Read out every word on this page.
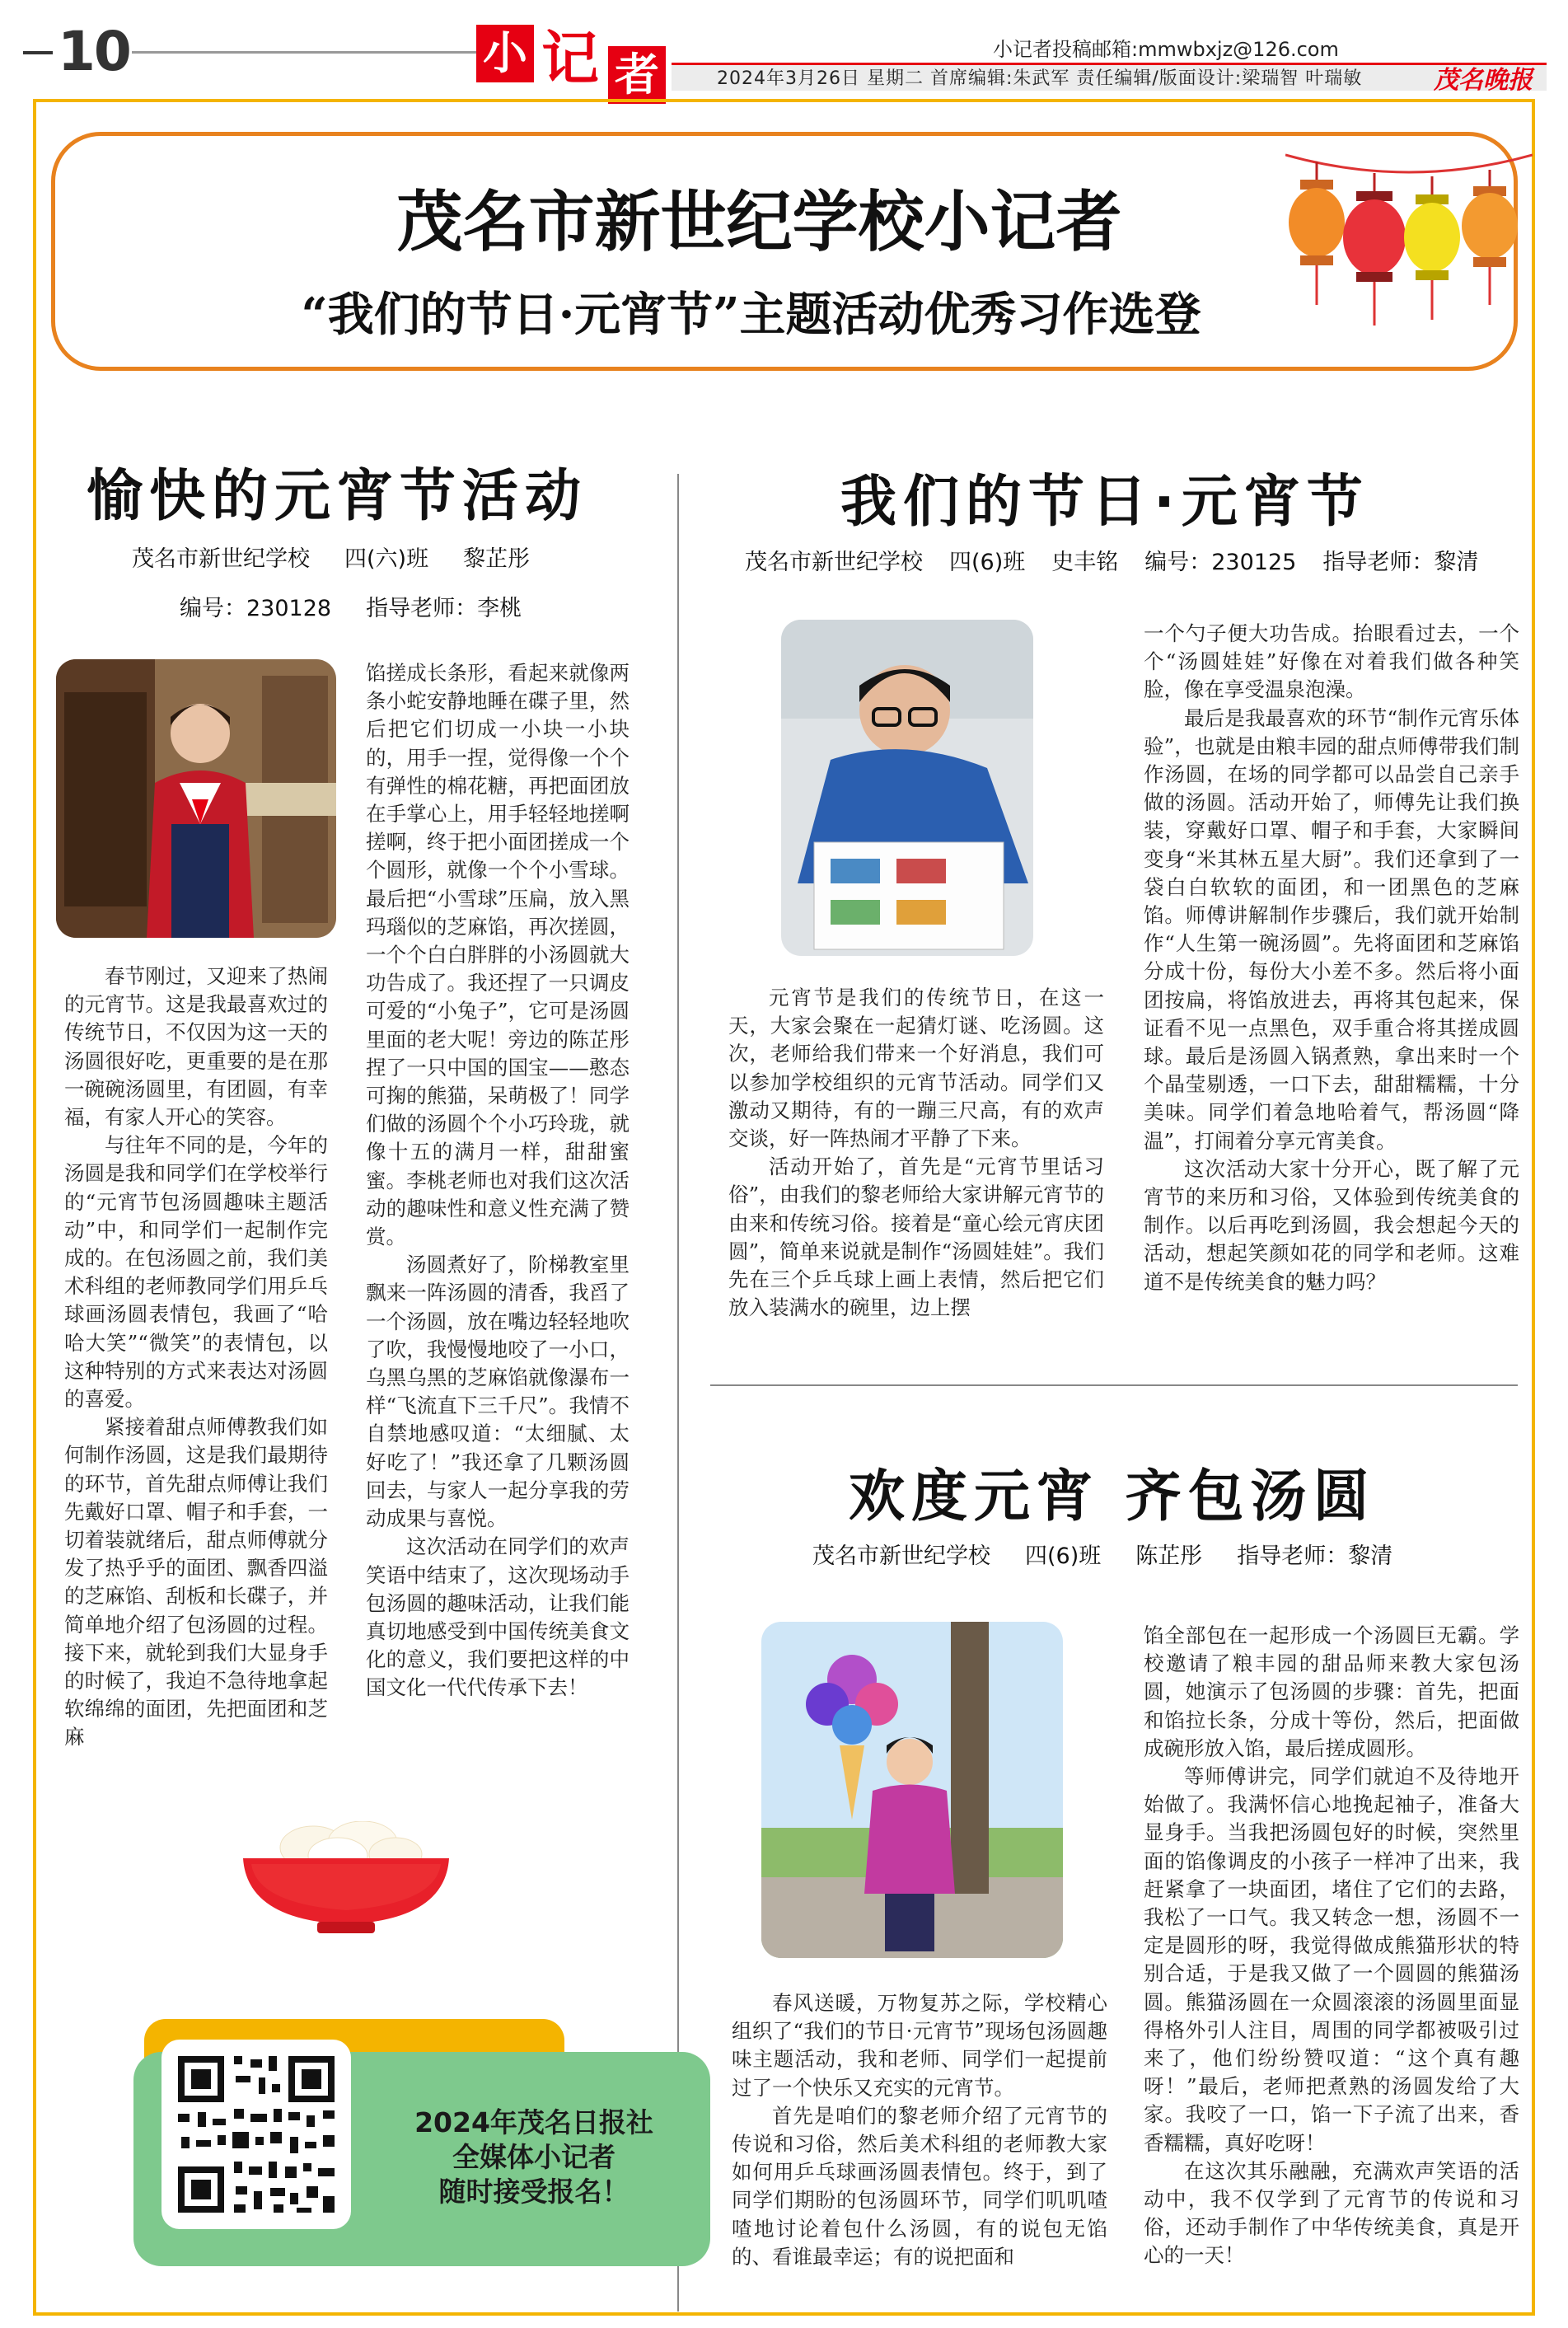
10	小 记 者	小记者投稿邮箱:mmwbxjz@126.com
2024年3月26日 星期二 首席编辑:朱武军 责任编辑/版面设计:梁瑞智 叶瑞敏	茂名晚报
茂名市新世纪学校小记者
“我们的节日·元宵节”主题活动优秀习作选登
愉快的元宵节活动
茂名市新世纪学校 四(六)班 黎芷彤
编号：230128 指导老师：李桃

春节刚过，又迎来了热闹的元宵节。这是我最喜欢过的传统节日，不仅因为这一天的汤圆很好吃，更重要的是在那一碗碗汤圆里，有团圆，有幸福，有家人开心的笑容。

与往年不同的是，今年的汤圆是我和同学们在学校举行的“元宵节包汤圆趣味主题活动”中，和同学们一起制作完成的。在包汤圆之前，我们美术科组的老师教同学们用乒乓球画汤圆表情包，我画了“哈哈大笑”“微笑”的表情包，以这种特别的方式来表达对汤圆的喜爱。

紧接着甜点师傅教我们如何制作汤圆，这是我们最期待的环节，首先甜点师傅让我们先戴好口罩、帽子和手套，一切着装就绪后，甜点师傅就分发了热乎乎的面团、飘香四溢的芝麻馅、刮板和长碟子，并简单地介绍了包汤圆的过程。接下来，就轮到我们大显身手的时候了，我迫不急待地拿起软绵绵的面团，先把面团和芝麻

馅搓成长条形，看起来就像两条小蛇安静地睡在碟子里，然后把它们切成一小块一小块的，用手一捏，觉得像一个个有弹性的棉花糖，再把面团放在手掌心上，用手轻轻地搓啊搓啊，终于把小面团搓成一个个圆形，就像一个个小雪球。最后把“小雪球”压扁，放入黑玛瑙似的芝麻馅，再次搓圆，一个个白白胖胖的小汤圆就大功告成了。我还捏了一只调皮可爱的“小兔子”，它可是汤圆里面的老大呢！旁边的陈芷彤捏了一只中国的国宝——憨态可掬的熊猫，呆萌极了！同学们做的汤圆个个小巧玲珑，就像十五的满月一样，甜甜蜜蜜。李桃老师也对我们这次活动的趣味性和意义性充满了赞赏。

汤圆煮好了，阶梯教室里飘来一阵汤圆的清香，我舀了一个汤圆，放在嘴边轻轻地吹了吹，我慢慢地咬了一小口，乌黑乌黑的芝麻馅就像瀑布一样“飞流直下三千尺”。我情不自禁地感叹道：“太细腻、太好吃了！”我还拿了几颗汤圆回去，与家人一起分享我的劳动成果与喜悦。

这次活动在同学们的欢声笑语中结束了，这次现场动手包汤圆的趣味活动，让我们能真切地感受到中国传统美食文化的意义，我们要把这样的中国文化一代代传承下去！

我们的节日·元宵节
茂名市新世纪学校 四(6)班 史丰铭 编号：230125 指导老师：黎清

元宵节是我们的传统节日，在这一天，大家会聚在一起猜灯谜、吃汤圆。这次，老师给我们带来一个好消息，我们可以参加学校组织的元宵节活动。同学们又激动又期待，有的一蹦三尺高，有的欢声交谈，好一阵热闹才平静了下来。

活动开始了，首先是“元宵节里话习俗”，由我们的黎老师给大家讲解元宵节的由来和传统习俗。接着是“童心绘元宵庆团圆”，简单来说就是制作“汤圆娃娃”。我们先在三个乒乓球上画上表情，然后把它们放入装满水的碗里，边上摆

一个勺子便大功告成。抬眼看过去，一个个“汤圆娃娃”好像在对着我们做各种笑脸，像在享受温泉泡澡。

最后是我最喜欢的环节“制作元宵乐体验”，也就是由粮丰园的甜点师傅带我们制作汤圆，在场的同学都可以品尝自己亲手做的汤圆。活动开始了，师傅先让我们换装，穿戴好口罩、帽子和手套，大家瞬间变身“米其林五星大厨”。我们还拿到了一袋白白软软的面团，和一团黑色的芝麻馅。师傅讲解制作步骤后，我们就开始制作“人生第一碗汤圆”。先将面团和芝麻馅分成十份，每份大小差不多。然后将小面团按扁，将馅放进去，再将其包起来，保证看不见一点黑色，双手重合将其搓成圆球。最后是汤圆入锅煮熟，拿出来时一个个晶莹剔透，一口下去，甜甜糯糯，十分美味。同学们着急地哈着气，帮汤圆“降温”，打闹着分享元宵美食。

这次活动大家十分开心，既了解了元宵节的来历和习俗，又体验到传统美食的制作。以后再吃到汤圆，我会想起今天的活动，想起笑颜如花的同学和老师。这难道不是传统美食的魅力吗？

欢度元宵 齐包汤圆
茂名市新世纪学校 四(6)班 陈芷彤 指导老师：黎清

春风送暖，万物复苏之际，学校精心组织了“我们的节日·元宵节”现场包汤圆趣味主题活动，我和老师、同学们一起提前过了一个快乐又充实的元宵节。

首先是咱们的黎老师介绍了元宵节的传说和习俗，然后美术科组的老师教大家如何用乒乓球画汤圆表情包。终于，到了同学们期盼的包汤圆环节，同学们叽叽喳喳地讨论着包什么汤圆，有的说包无馅的、看谁最幸运；有的说把面和

馅全部包在一起形成一个汤圆巨无霸。学校邀请了粮丰园的甜品师来教大家包汤圆，她演示了包汤圆的步骤：首先，把面和馅拉长条，分成十等份，然后，把面做成碗形放入馅，最后搓成圆形。

等师傅讲完，同学们就迫不及待地开始做了。我满怀信心地挽起袖子，准备大显身手。当我把汤圆包好的时候，突然里面的馅像调皮的小孩子一样冲了出来，我赶紧拿了一块面团，堵住了它们的去路，我松了一口气。我又转念一想，汤圆不一定是圆形的呀，我觉得做成熊猫形状的特别合适，于是我又做了一个圆圆的熊猫汤圆。熊猫汤圆在一众圆滚滚的汤圆里面显得格外引人注目，周围的同学都被吸引过来了，他们纷纷赞叹道：“这个真有趣呀！”最后，老师把煮熟的汤圆发给了大家。我咬了一口，馅一下子流了出来，香香糯糯，真好吃呀！

在这次其乐融融，充满欢声笑语的活动中，我不仅学到了元宵节的传说和习俗，还动手制作了中华传统美食，真是开心的一天！

2024年茂名日报社
全媒体小记者
随时接受报名！
